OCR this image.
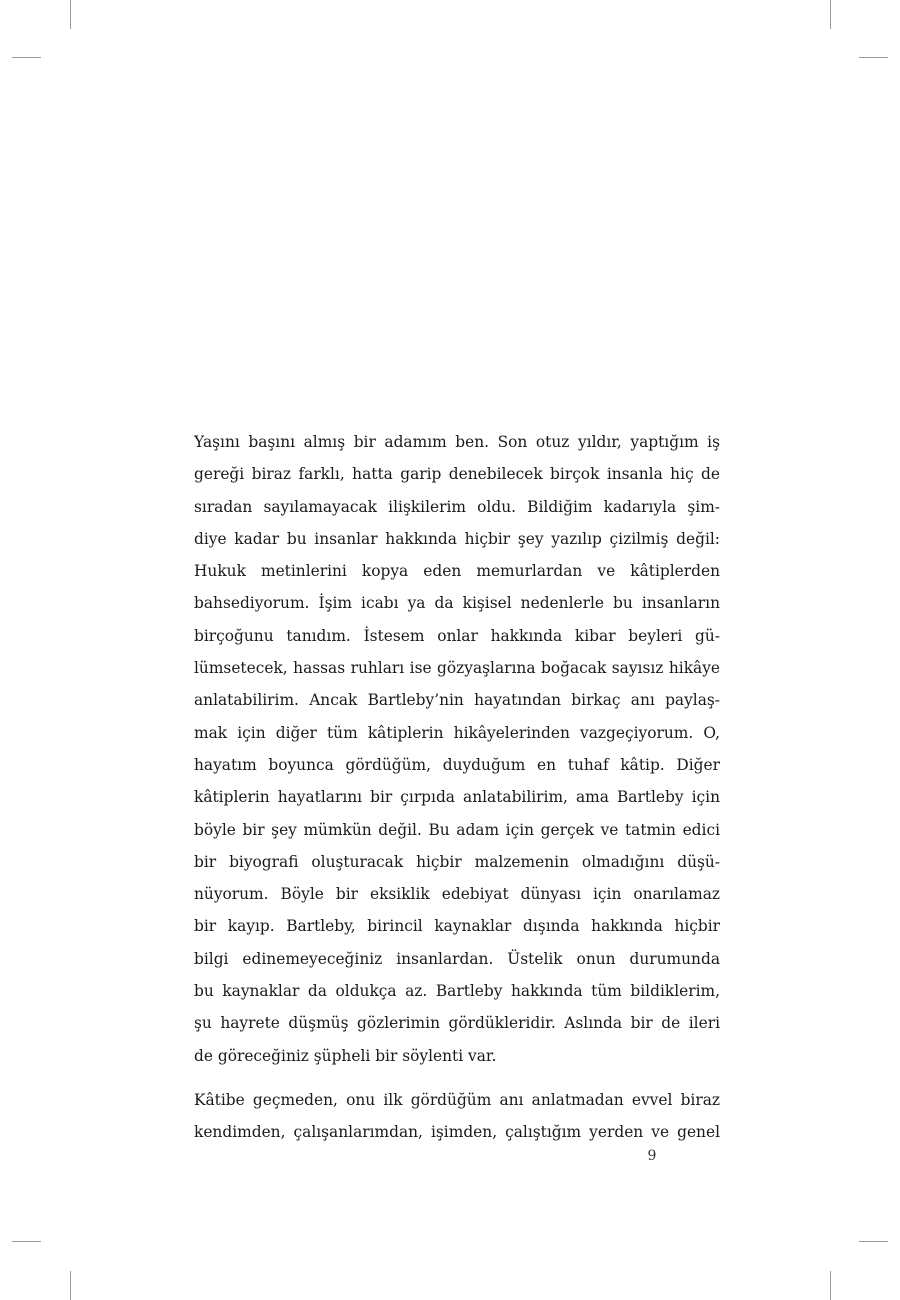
Yaşını başını almış bir adamım ben. Son otuz yıldır, yaptığım iş
gereği biraz farklı, hatta garip denebilecek birçok insanla hiç de
sıradan sayılamayacak ilişkilerim oldu. Bildiğim kadarıyla şim-
diye kadar bu insanlar hakkında hiçbir şey yazılıp çizilmiş değil:
Hukuk metinlerini kopya eden memurlardan ve kâtiplerden
bahsediyorum. İşim icabı ya da kişisel nedenlerle bu insanların
birçoğunu tanıdım. İstesem onlar hakkında kibar beyleri gü-
lümsetecek, hassas ruhları ise gözyaşlarına boğacak sayısız hikâye
anlatabilirim. Ancak Bartleby’nin hayatından birkaç anı paylaş-
mak için diğer tüm kâtiplerin hikâyelerinden vazgeçiyorum. O,
hayatım boyunca gördüğüm, duyduğum en tuhaf kâtip. Diğer
kâtiplerin hayatlarını bir çırpıda anlatabilirim, ama Bartleby için
böyle bir şey mümkün değil. Bu adam için gerçek ve tatmin edici
bir biyografi oluşturacak hiçbir malzemenin olmadığını düşü-
nüyorum. Böyle bir eksiklik edebiyat dünyası için onarılamaz
bir kayıp. Bartleby, birincil kaynaklar dışında hakkında hiçbir
bilgi edinemeyeceğiniz insanlardan. Üstelik onun durumunda
bu kaynaklar da oldukça az. Bartleby hakkında tüm bildiklerim,
şu hayrete düşmüş gözlerimin gördükleridir. Aslında bir de ileri
de göreceğiniz şüpheli bir söylenti var.

Kâtibe geçmeden, onu ilk gördüğüm anı anlatmadan evvel biraz
kendimden, çalışanlarımdan, işimden, çalıştığım yerden ve genel

9
